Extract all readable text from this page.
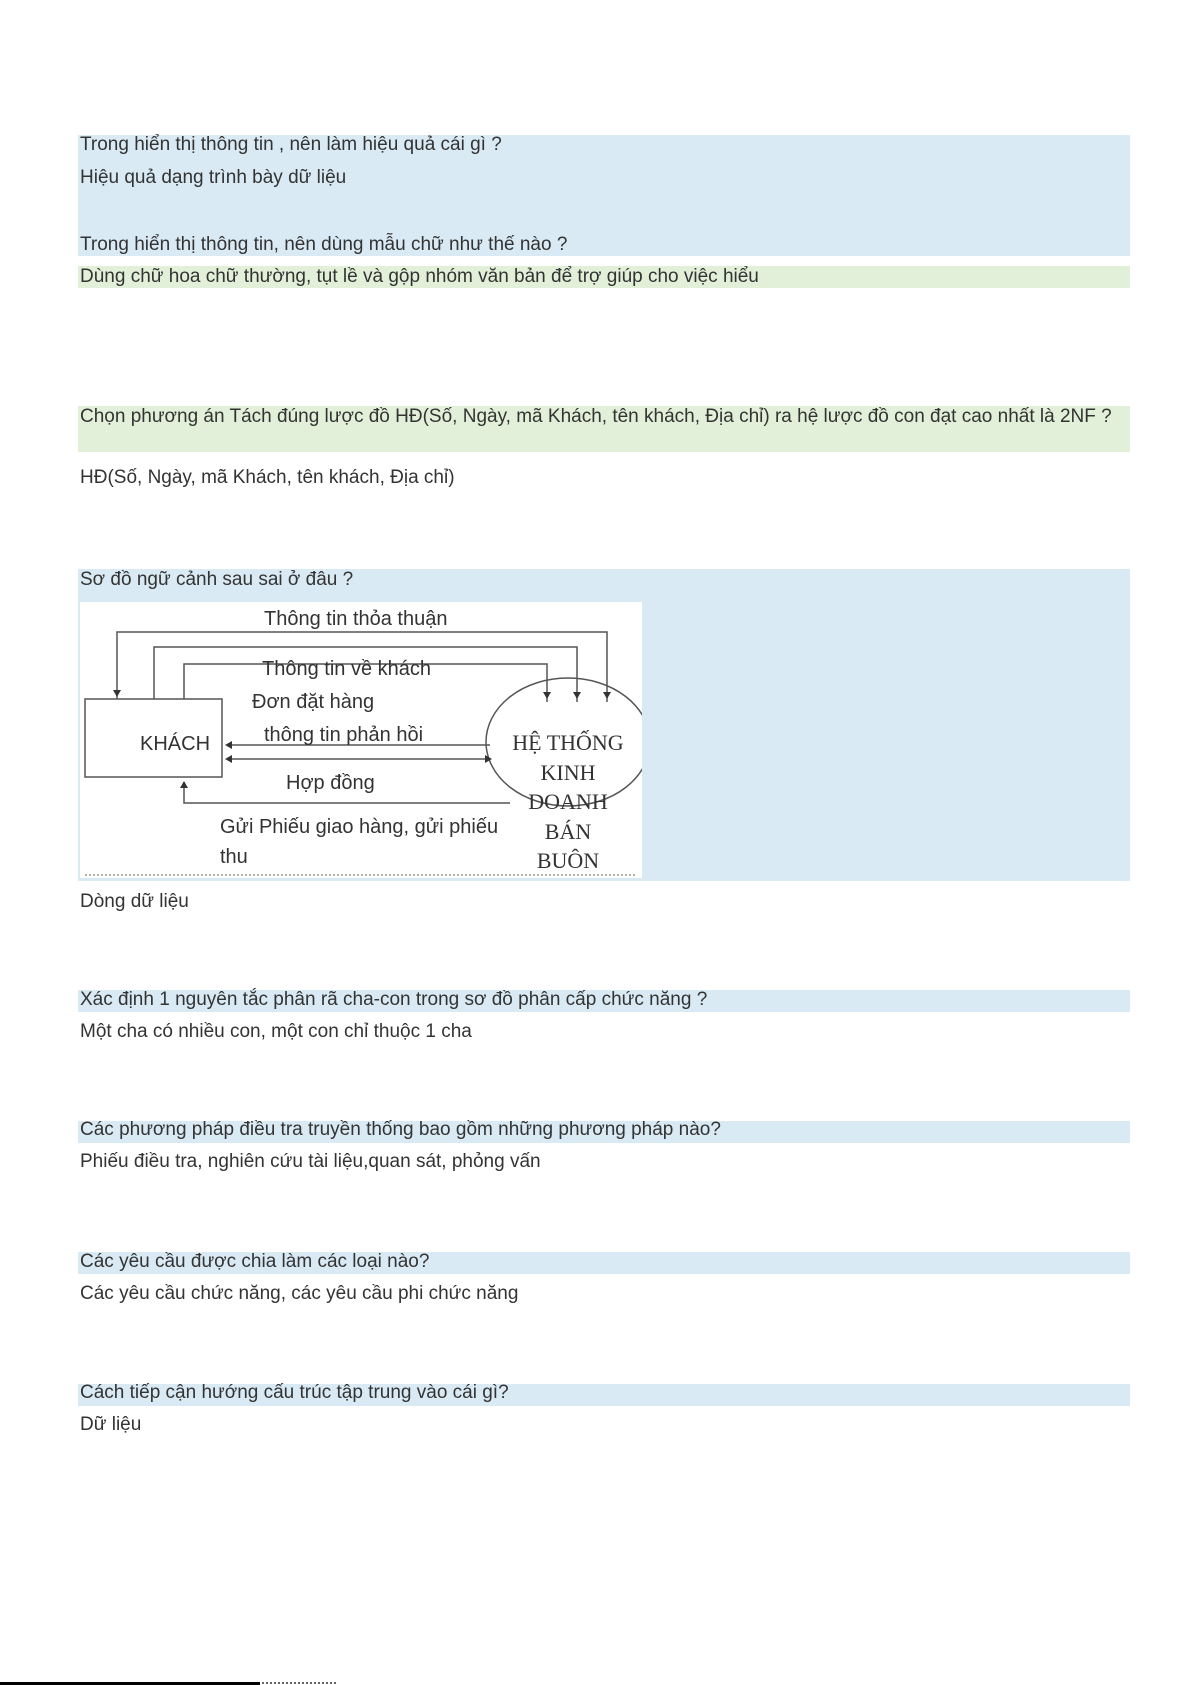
Trong hiển thị thông tin , nên làm hiệu quả cái gì ?
Hiệu quả dạng trình bày dữ liệu
Trong hiển thị thông tin, nên dùng mẫu chữ như thế nào ?
Dùng chữ hoa chữ thường, tụt lề và gộp nhóm văn bản để trợ giúp cho việc hiểu
Chọn phương án Tách đúng lược đồ HĐ(Số, Ngày, mã Khách, tên khách, Địa chỉ) ra hệ lược đồ con đạt cao nhất là 2NF ?
HĐ(Số, Ngày, mã Khách, tên khách, Địa chỉ)
Sơ đồ ngữ cảnh sau sai ở đâu ?
KHÁCH	HỆ THỐNG
KINH
DOANH
BÁN
BUÔN
Thông tin thỏa thuận
Thông tin về khách
Đơn đặt hàng
thông tin phản hồi
Hợp đồng
Gửi Phiếu giao hàng, gửi phiếu
thu
Dòng dữ liệu
Xác định 1 nguyên tắc phân rã cha-con trong sơ đồ phân cấp chức năng ?
Một cha có nhiều con, một con chỉ thuộc 1 cha
Các phương pháp điều tra truyền thống bao gồm những phương pháp nào?
Phiếu điều tra, nghiên cứu tài liệu,quan sát, phỏng vấn
Các yêu cầu được chia làm các loại nào?
Các yêu cầu chức năng, các yêu cầu phi chức năng
Cách tiếp cận hướng cấu trúc tập trung vào cái gì?
Dữ liệu
